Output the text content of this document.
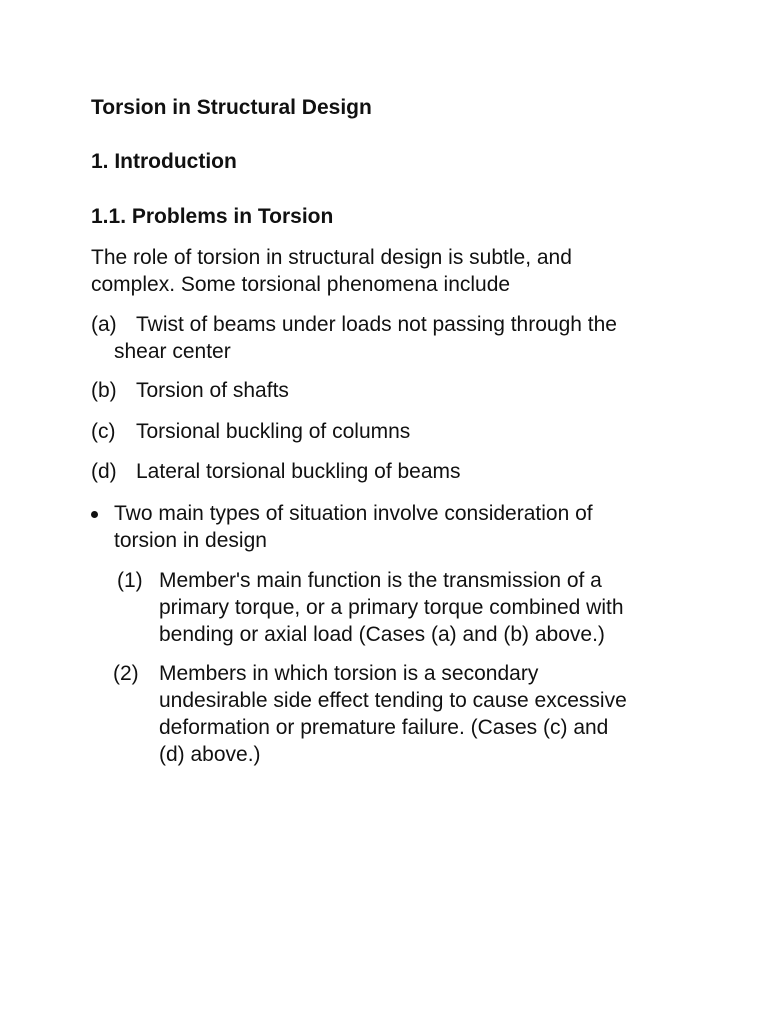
Torsion in Structural Design
1. Introduction
1.1. Problems in Torsion
The role of torsion in structural design is subtle, and
complex. Some torsional phenomena include
(a) Twist of beams under loads not passing through the
shear center
(b) Torsion of shafts
(c) Torsional buckling of columns
(d) Lateral torsional buckling of beams
Two main types of situation involve consideration of
torsion in design
(1) Member's main function is the transmission of a
primary torque, or a primary torque combined with
bending or axial load (Cases (a) and (b) above.)
(2) Members in which torsion is a secondary
undesirable side effect tending to cause excessive
deformation or premature failure. (Cases (c) and
(d) above.)
